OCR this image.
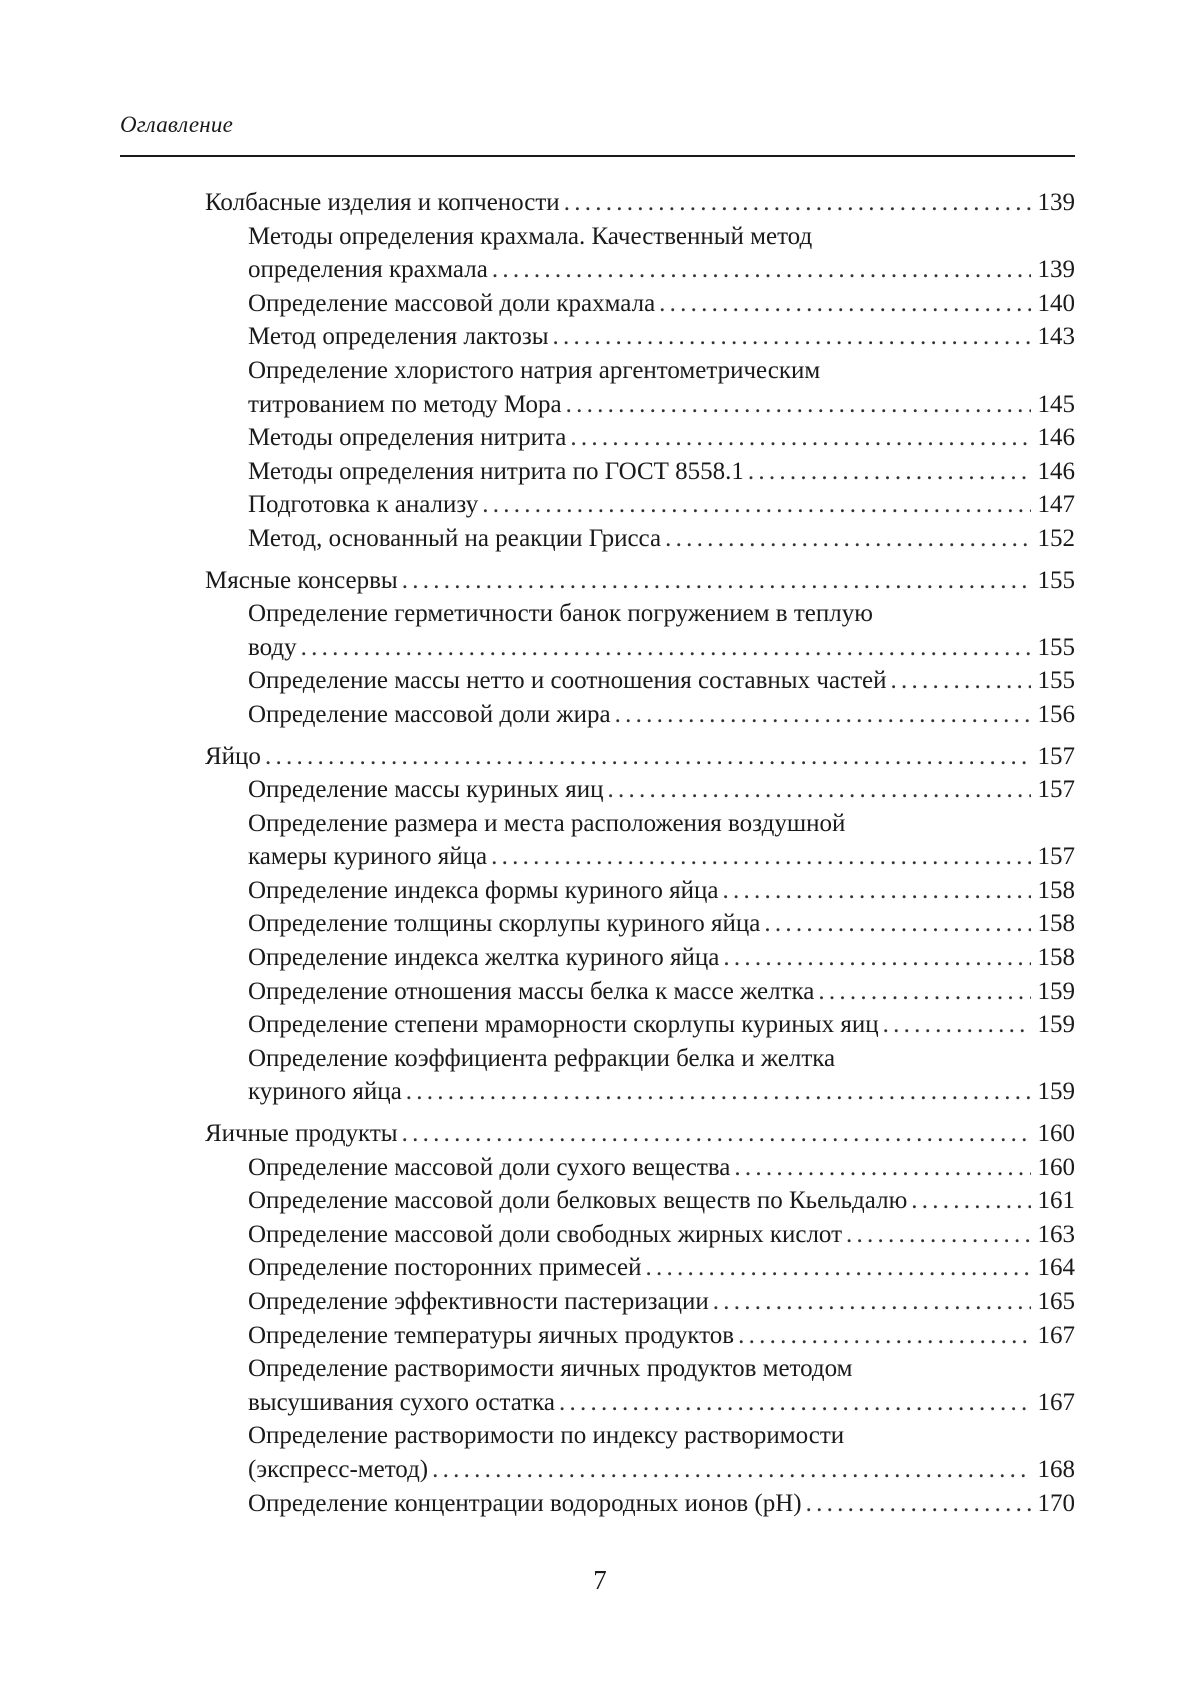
Оглавление
Колбасные изделия и копчености . . .	139
Методы определения крахмала. Качественный метод
определения крахмала . . .	139
Определение массовой доли крахмала . . .	140
Метод определения лактозы . . .	143
Определение хлористого натрия аргентометрическим
титрованием по методу Мора . . .	145
Методы определения нитрита . . .	146
Методы определения нитрита по ГОСТ 8558.1 . . .	146
Подготовка к анализу . . .	147
Метод, основанный на реакции Грисса . . .	152
Мясные консервы . . .	155
Определение герметичности банок погружением в теплую
воду . . .	155
Определение массы нетто и соотношения составных частей . . .	155
Определение массовой доли жира . . .	156
Яйцо . . .	157
Определение массы куриных яиц . . .	157
Определение размера и места расположения воздушной
камеры куриного яйца . . .	157
Определение индекса формы куриного яйца . . .	158
Определение толщины скорлупы куриного яйца . . .	158
Определение индекса желтка куриного яйца . . .	158
Определение отношения массы белка к массе желтка . . .	159
Определение степени мраморности скорлупы куриных яиц . . .	159
Определение коэффициента рефракции белка и желтка
куриного яйца . . .	159
Яичные продукты . . .	160
Определение массовой доли сухого вещества . . .	160
Определение массовой доли белковых веществ по Кьельдалю . . .	161
Определение массовой доли свободных жирных кислот . . .	163
Определение посторонних примесей . . .	164
Определение эффективности пастеризации . . .	165
Определение температуры яичных продуктов . . .	167
Определение растворимости яичных продуктов методом
высушивания сухого остатка . . .	167
Определение растворимости по индексу растворимости
(экспресс-метод) . . .	168
Определение концентрации водородных ионов (pH) . . .	170
7
